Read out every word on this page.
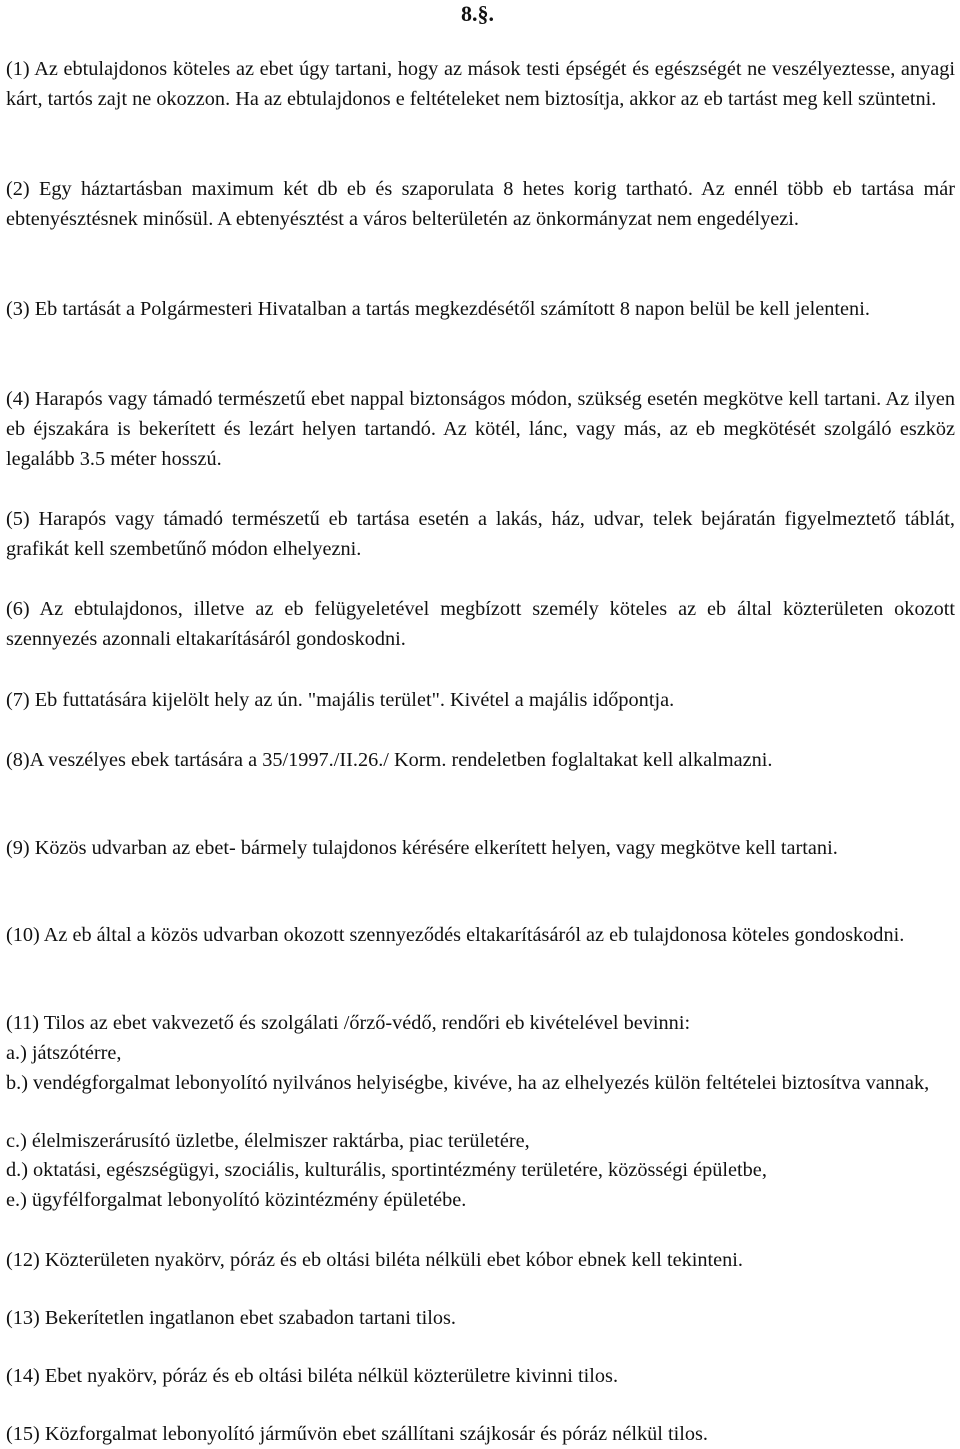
8.§.

(1) Az ebtulajdonos köteles az ebet úgy tartani, hogy az mások testi épségét és egészségét ne veszélyeztesse, anyagi kárt, tartós zajt ne okozzon. Ha az ebtulajdonos e feltételeket nem biztosítja, akkor az eb tartást meg kell szüntetni.

(2) Egy háztartásban maximum két db eb és szaporulata 8 hetes korig tartható. Az ennél több eb tartása már ebtenyésztésnek minősül. A ebtenyésztést a város belterületén az önkormányzat nem engedélyezi.

(3) Eb tartását a Polgármesteri Hivatalban a tartás megkezdésétől számított 8 napon belül be kell jelenteni.

(4) Harapós vagy támadó természetű ebet nappal biztonságos módon, szükség esetén megkötve kell tartani. Az ilyen eb éjszakára is bekerített és lezárt helyen tartandó. Az kötél, lánc, vagy más, az eb megkötését szolgáló eszköz legalább 3.5 méter hosszú.

(5) Harapós vagy támadó természetű eb tartása esetén a lakás, ház, udvar, telek bejáratán figyelmeztető táblát, grafikát kell szembetűnő módon elhelyezni.

(6) Az ebtulajdonos, illetve az eb felügyeletével megbízott személy köteles az eb által közterületen okozott szennyezés azonnali eltakarításáról gondoskodni.

(7) Eb futtatására kijelölt hely az ún. "majális terület". Kivétel a majális időpontja.

(8)A veszélyes ebek tartására a 35/1997./II.26./ Korm. rendeletben foglaltakat kell alkalmazni.

(9) Közös udvarban az ebet- bármely tulajdonos kérésére elkerített helyen, vagy megkötve kell tartani.

(10) Az eb által a közös udvarban okozott szennyeződés eltakarításáról az eb tulajdonosa köteles gondoskodni.

(11) Tilos az ebet vakvezető és szolgálati /őrző-védő, rendőri eb kivételével bevinni:

a.) játszótérre,

b.) vendégforgalmat lebonyolító nyilvános helyiségbe, kivéve, ha az elhelyezés külön feltételei biztosítva vannak,

c.) élelmiszerárusító üzletbe, élelmiszer raktárba, piac területére,

d.) oktatási, egészségügyi, szociális, kulturális, sportintézmény területére, közösségi épületbe,

e.) ügyfélforgalmat lebonyolító közintézmény épületébe.

(12) Közterületen nyakörv, póráz és eb oltási biléta nélküli ebet kóbor ebnek kell tekinteni.

(13) Bekerítetlen ingatlanon ebet szabadon tartani tilos.

(14) Ebet nyakörv, póráz és eb oltási biléta nélkül közterületre kivinni tilos.

(15) Közforgalmat lebonyolító járművön ebet szállítani szájkosár és póráz nélkül tilos.
